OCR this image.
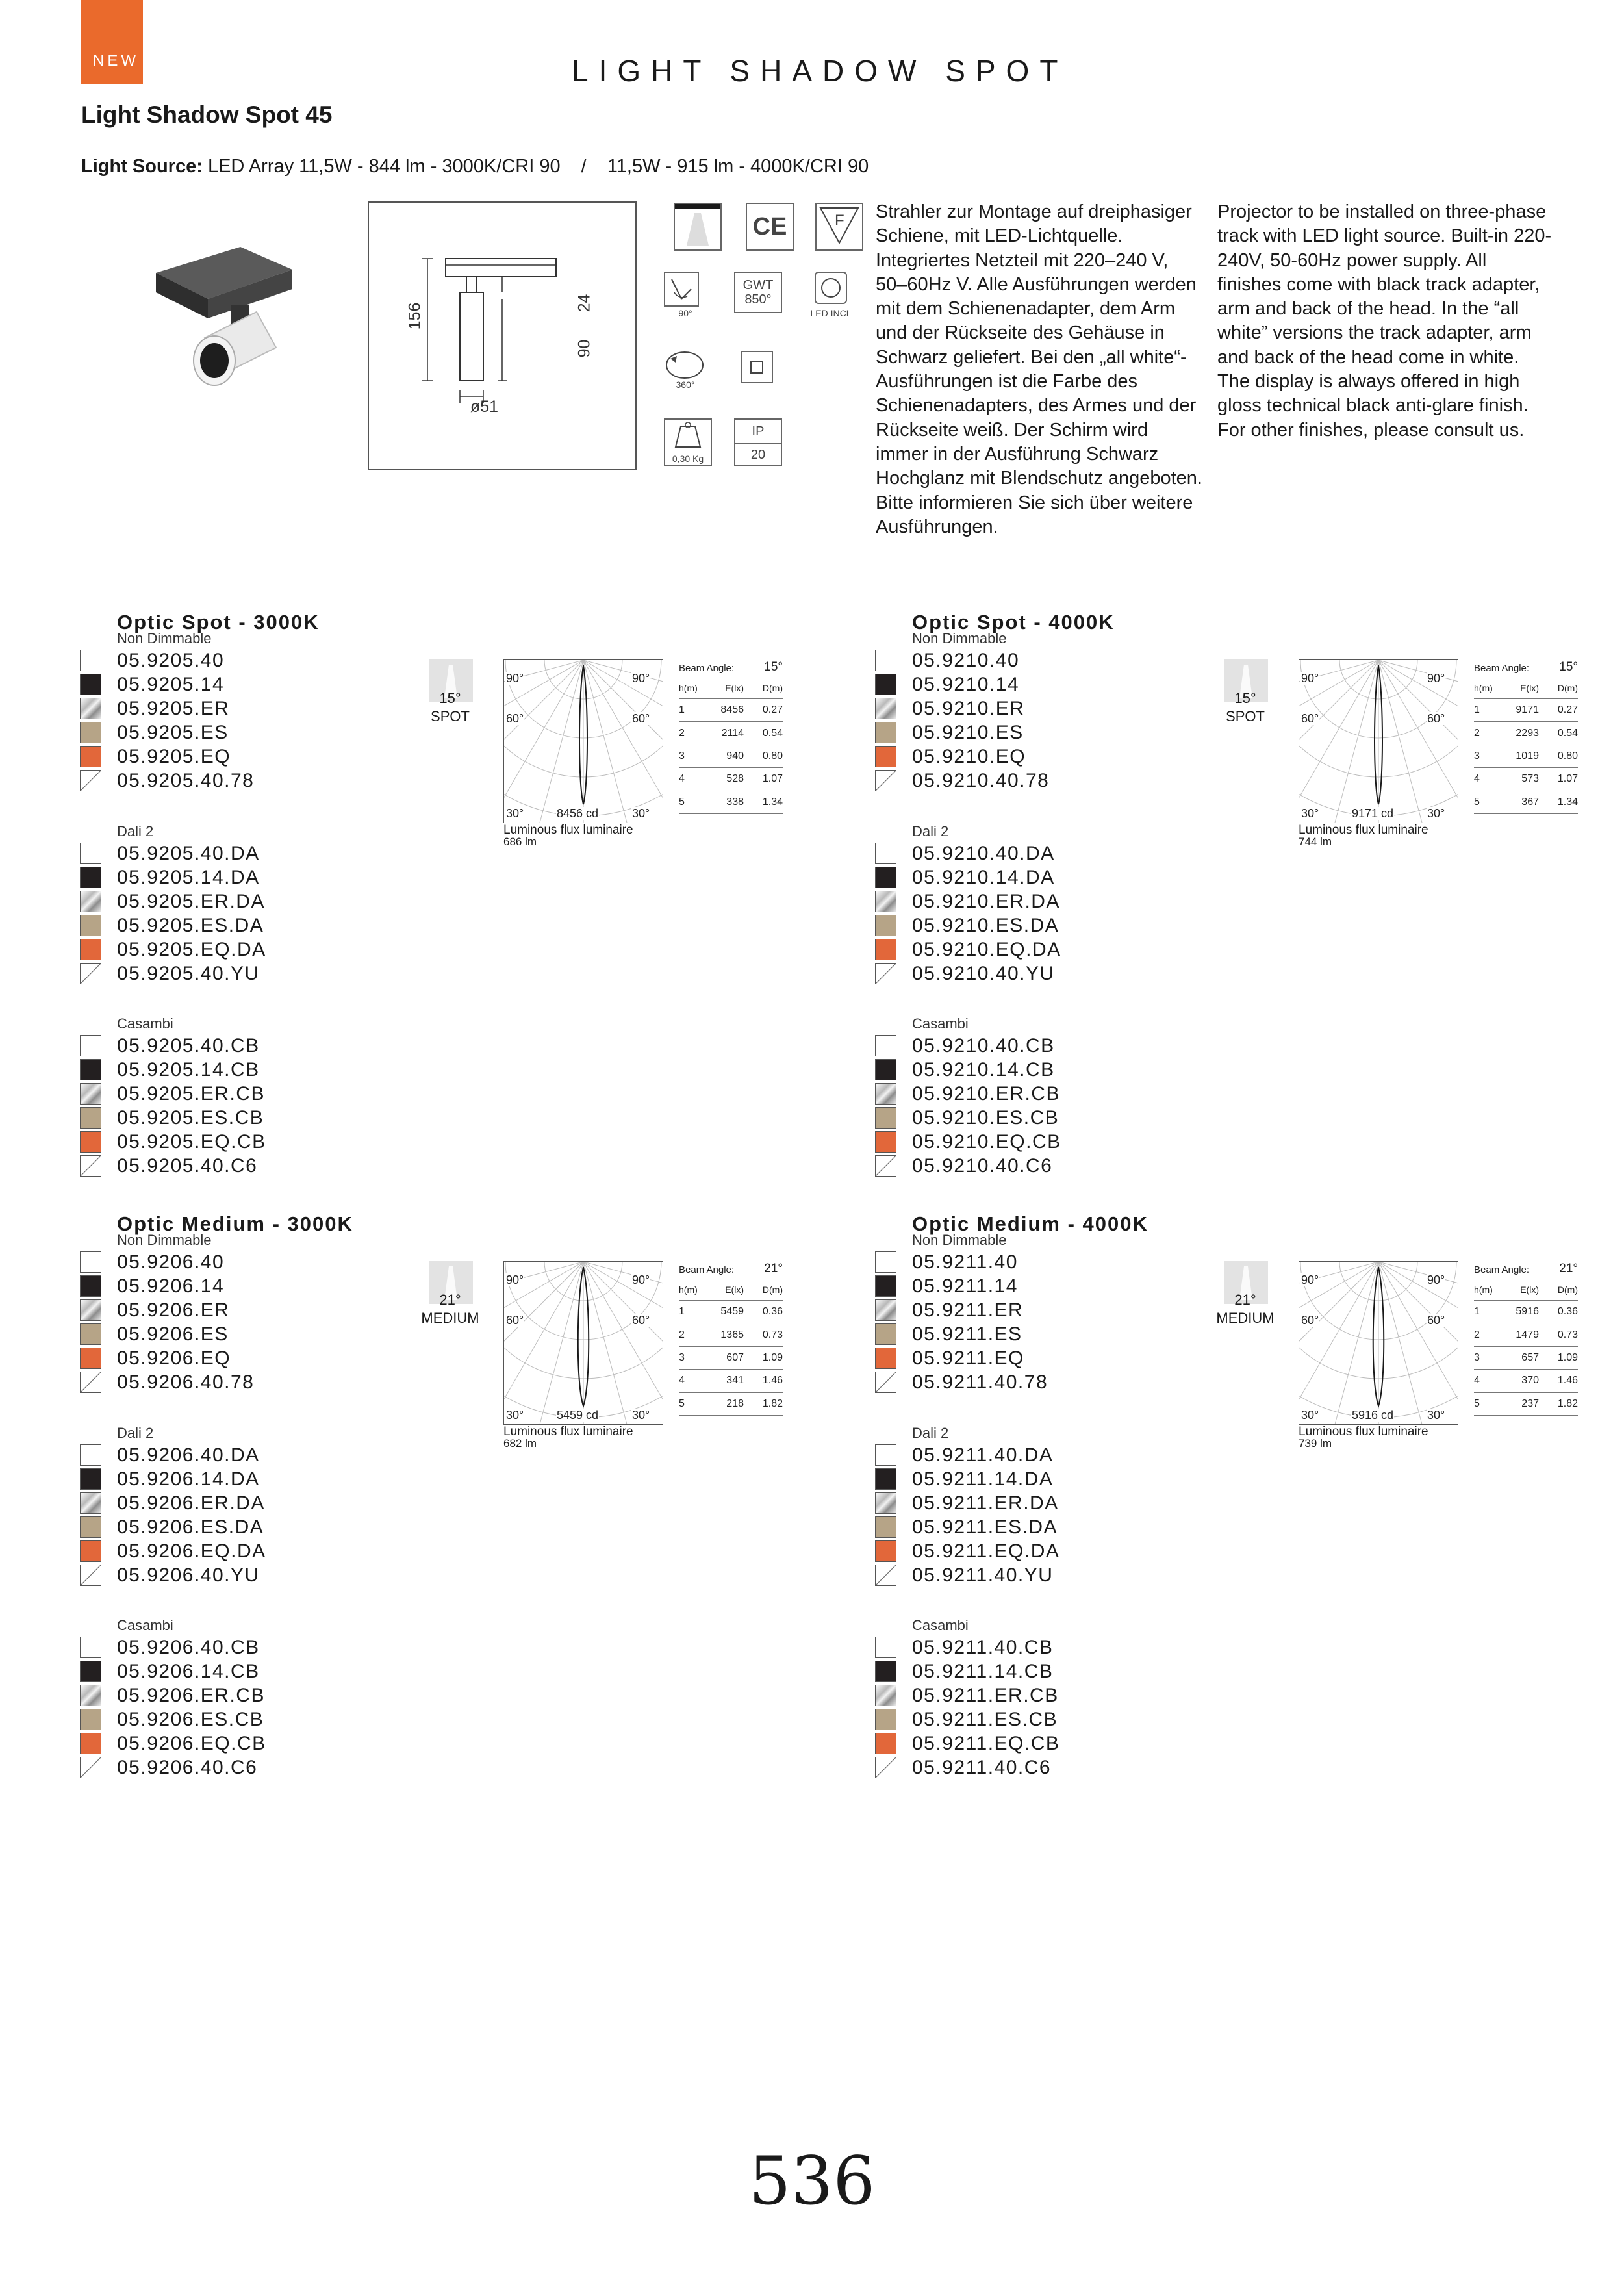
NEW	LIGHT SHADOW SPOT
Light Shadow Spot 45
Light Source: LED Array 11,5W - 844 lm - 3000K/CRI 90 / 11,5W - 915 lm - 4000K/CRI 90
156	24
90
ø51
CE	F
90°
GWT
850°
LED INCL
360°
0,30 Kg
IP
20

Strahler zur Montage auf dreiphasiger Schiene, mit LED-Lichtquelle. Integriertes Netzteil mit 220–240 V, 50–60Hz V. Alle Ausführungen werden mit dem Schienenadapter, dem Arm und der Rückseite des Gehäuse in Schwarz geliefert. Bei den „all white“-Ausführungen ist die Farbe des Schienenadapters, des Armes und der Rückseite weiß. Der Schirm wird immer in der Ausführung Schwarz Hochglanz mit Blendschutz angeboten. Bitte informieren Sie sich über weitere Ausführungen.

Projector to be installed on three-phase track with LED light source. Built-in 220-240V, 50-60Hz power supply. All finishes come with black track adapter, arm and back of the head. In the “all white” versions the track adapter, arm and back of the head come in white. The display is always offered in high gloss technical black anti-glare finish. For other finishes, please consult us.

Optic Spot - 3000K
Non Dimmable
05.9205.40
05.9205.14
05.9205.ER
05.9205.ES
05.9205.EQ
05.9205.40.78
Dali 2
05.9205.40.DA
05.9205.14.DA
05.9205.ER.DA
05.9205.ES.DA
05.9205.EQ.DA
05.9205.40.YU
Casambi
05.9205.40.CB
05.9205.14.CB
05.9205.ER.CB
05.9205.ES.CB
05.9205.EQ.CB
05.9205.40.C6
15°
SPOT
90°	90°
60°	60°
30°	30°
8456 cd
Luminous flux luminaire
686 lm
Beam Angle: 15°
h(m)	E(lx)	D(m)
1	8456	0.27
2	2114	0.54
3	940	0.80
4	528	1.07
5	338	1.34
Optic Spot - 4000K
Non Dimmable
05.9210.40
05.9210.14
05.9210.ER
05.9210.ES
05.9210.EQ
05.9210.40.78
Dali 2
05.9210.40.DA
05.9210.14.DA
05.9210.ER.DA
05.9210.ES.DA
05.9210.EQ.DA
05.9210.40.YU
Casambi
05.9210.40.CB
05.9210.14.CB
05.9210.ER.CB
05.9210.ES.CB
05.9210.EQ.CB
05.9210.40.C6
15°
SPOT
90°	90°
60°	60°
30°	30°
9171 cd
Luminous flux luminaire
744 lm
Beam Angle: 15°
h(m)	E(lx)	D(m)
1	9171	0.27
2	2293	0.54
3	1019	0.80
4	573	1.07
5	367	1.34
Optic Medium - 3000K
Non Dimmable
05.9206.40
05.9206.14
05.9206.ER
05.9206.ES
05.9206.EQ
05.9206.40.78
Dali 2
05.9206.40.DA
05.9206.14.DA
05.9206.ER.DA
05.9206.ES.DA
05.9206.EQ.DA
05.9206.40.YU
Casambi
05.9206.40.CB
05.9206.14.CB
05.9206.ER.CB
05.9206.ES.CB
05.9206.EQ.CB
05.9206.40.C6
21°
MEDIUM
90°	90°
60°	60°
30°	30°
5459 cd
Luminous flux luminaire
682 lm
Beam Angle: 21°
h(m)	E(lx)	D(m)
1	5459	0.36
2	1365	0.73
3	607	1.09
4	341	1.46
5	218	1.82
Optic Medium - 4000K
Non Dimmable
05.9211.40
05.9211.14
05.9211.ER
05.9211.ES
05.9211.EQ
05.9211.40.78
Dali 2
05.9211.40.DA
05.9211.14.DA
05.9211.ER.DA
05.9211.ES.DA
05.9211.EQ.DA
05.9211.40.YU
Casambi
05.9211.40.CB
05.9211.14.CB
05.9211.ER.CB
05.9211.ES.CB
05.9211.EQ.CB
05.9211.40.C6
21°
MEDIUM
90°	90°
60°	60°
30°	30°
5916 cd
Luminous flux luminaire
739 lm
Beam Angle: 21°
h(m)	E(lx)	D(m)
1	5916	0.36
2	1479	0.73
3	657	1.09
4	370	1.46
5	237	1.82
536
